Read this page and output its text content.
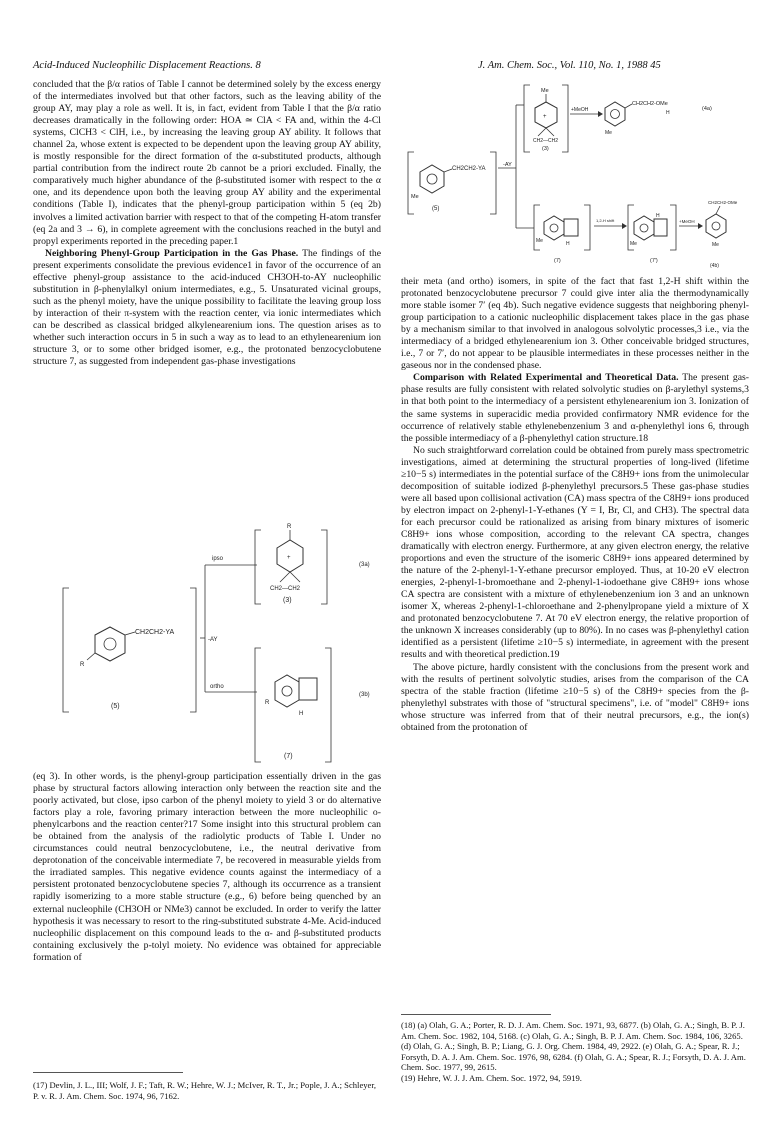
Acid-Induced Nucleophilic Displacement Reactions. 8	J. Am. Chem. Soc., Vol. 110, No. 1, 1988 45

concluded that the β/α ratios of Table I cannot be determined solely by the excess energy of the intermediates involved but that other factors, such as the leaving ability of the group AY, may play a role as well. It is, in fact, evident from Table I that the β/α ratio decreases dramatically in the following order: HOA ≃ ClA < FA and, within the 4-Cl systems, ClCH3 < ClH, i.e., by increasing the leaving group AY ability. It follows that channel 2a, whose extent is expected to be dependent upon the leaving group AY ability, is mostly responsible for the direct formation of the α-substituted products, although partial contribution from the indirect route 2b cannot be a priori excluded. Finally, the comparatively much higher abundance of the β-substituted isomer with respect to the α one, and its dependence upon both the leaving group AY ability and the experimental conditions (Table I), indicates that the phenyl-group participation within 5 (eq 2b) involves a limited activation barrier with respect to that of the competing H-atom transfer (eq 2a and 3 → 6), in complete agreement with the conclusions reached in the butyl and propyl experiments reported in the preceding paper.1

Neighboring Phenyl-Group Participation in the Gas Phase. The findings of the present experiments consolidate the previous evidence1 in favor of the occurrence of an effective phenyl-group assistance to the acid-induced CH3OH-to-AY nucleophilic substitution in β-phenylalkyl onium intermediates, e.g., 5. Unsaturated vicinal groups, such as the phenyl moiety, have the unique possibility to facilitate the leaving group loss by interaction of their π-system with the reaction center, via ionic intermediates which can be described as classical bridged alkylenearenium ions. The question arises as to whether such interaction occurs in 5 in such a way as to lead to an ethylenearenium ion structure 3, or to some other bridged isomer, e.g., the protonated benzocyclobutene structure 7, as suggested from independent gas-phase investigations

CH2CH2-YA
R
(5)
-AY
ipso
ortho
R
+
CH2—CH2
(3)
(3a)
R
H
(7)
(3b)

(eq 3). In other words, is the phenyl-group participation essentially driven in the gas phase by structural factors allowing interaction only between the reaction site and the poorly activated, but close, ipso carbon of the phenyl moiety to yield 3 or do alternative factors play a role, favoring primary interaction between the more nucleophilic o-phenylcarbons and the reaction center?17 Some insight into this structural problem can be obtained from the analysis of the radiolytic products of Table I. Under no circumstances could neutral benzocyclobutene, i.e., the neutral derivative from deprotonation of the conceivable intermediate 7, be recovered in measurable yields from the irradiated samples. This negative evidence counts against the intermediacy of a persistent protonated benzocyclobutene species 7, although its occurrence as a transient rapidly isomerizing to a more stable structure (e.g., 6) before being quenched by an external nucleophile (CH3OH or NMe3) cannot be excluded. In order to verify the latter hypothesis it was necessary to resort to the ring-substituted substrate 4-Me. Acid-induced nucleophilic displacement on this compound leads to the α- and β-substituted products containing exclusively the p-tolyl moiety. No evidence was obtained for appreciable formation of

(17) Devlin, J. L., III; Wolf, J. F.; Taft, R. W.; Hehre, W. J.; McIver, R. T., Jr.; Pople, J. A.; Schleyer, P. v. R. J. Am. Chem. Soc. 1974, 96, 7162.

CH2CH2-YA
Me
(5)
-AY
Me
+
CH2—CH2
(3)
+MeOH
CH2CH2-OMe
H
Me
(4a)
Me	H
(7)
1,2-H shift
Me
H
(7′)
+MeOH
CH2CH2-OMe
Me
(4b)

their meta (and ortho) isomers, in spite of the fact that fast 1,2-H shift within the protonated benzocyclobutene precursor 7 could give inter alia the thermodynamically more stable isomer 7′ (eq 4b). Such negative evidence suggests that neighboring phenyl-group participation to a cationic nucleophilic displacement takes place in the gas phase by a mechanism similar to that involved in analogous solvolytic processes,3 i.e., via the intermediacy of a bridged ethylenearenium ion 3. Other conceivable bridged structures, i.e., 7 or 7′, do not appear to be plausible intermediates in these processes neither in the gaseous nor in the condensed phase.

Comparison with Related Experimental and Theoretical Data. The present gas-phase results are fully consistent with related solvolytic studies on β-arylethyl systems,3 in that both point to the intermediacy of a persistent ethylenearenium ion 3. Ionization of the same systems in superacidic media provided confirmatory NMR evidence for the occurrence of relatively stable ethylenebenzenium 3 and α-phenylethyl ions 6, through the possible intermediacy of a β-phenylethyl cation structure.18

No such straightforward correlation could be obtained from purely mass spectrometric investigations, aimed at determining the structural properties of long-lived (lifetime ≥10−5 s) intermediates in the potential surface of the C8H9+ ions from the unimolecular decomposition of suitable iodized β-phenylethyl precursors.5 These gas-phase studies were all based upon collisional activation (CA) mass spectra of the C8H9+ ions produced by electron impact on 2-phenyl-1-Y-ethanes (Y = I, Br, Cl, and CH3). The spectral data for each precursor could be rationalized as arising from binary mixtures of isomeric C8H9+ ions whose composition, according to the relevant CA spectra, changes dramatically with electron energy. Furthermore, at any given electron energy, the relative proportions and even the structure of the isomeric C8H9+ ions appeared determined by the nature of the 2-phenyl-1-Y-ethane precursor employed. Thus, at 10-20 eV electron energies, 2-phenyl-1-bromoethane and 2-phenyl-1-iodoethane give C8H9+ ions whose CA spectra are consistent with a mixture of ethylenebenzenium ion 3 and an unknown isomer X, whereas 2-phenyl-1-chloroethane and 2-phenylpropane yield a mixture of X and protonated benzocyclobutene 7. At 70 eV electron energy, the relative proportion of the unknown X increases considerably (up to 80%). In no cases was β-phenylethyl cation identified as a persistent (lifetime ≥10−5 s) intermediate, in agreement with the present results and with theoretical prediction.19

The above picture, hardly consistent with the conclusions from the present work and with the results of pertinent solvolytic studies, arises from the comparison of the CA spectra of the stable fraction (lifetime ≥10−5 s) of the C8H9+ species from the β-phenylethyl substrates with those of "structural specimens", i.e. of "model" C8H9+ ions whose structure was inferred from that of their neutral precursors, e.g., the ion(s) obtained from the protonation of

(18) (a) Olah, G. A.; Porter, R. D. J. Am. Chem. Soc. 1971, 93, 6877. (b) Olah, G. A.; Singh, B. P. J. Am. Chem. Soc. 1982, 104, 5168. (c) Olah, G. A.; Singh, B. P. J. Am. Chem. Soc. 1984, 106, 3265. (d) Olah, G. A.; Singh, B. P.; Liang, G. J. Org. Chem. 1984, 49, 2922. (e) Olah, G. A.; Spear, R. J.; Forsyth, D. A. J. Am. Chem. Soc. 1976, 98, 6284. (f) Olah, G. A.; Spear, R. J.; Forsyth, D. A. J. Am. Chem. Soc. 1977, 99, 2615.

(19) Hehre, W. J. J. Am. Chem. Soc. 1972, 94, 5919.
